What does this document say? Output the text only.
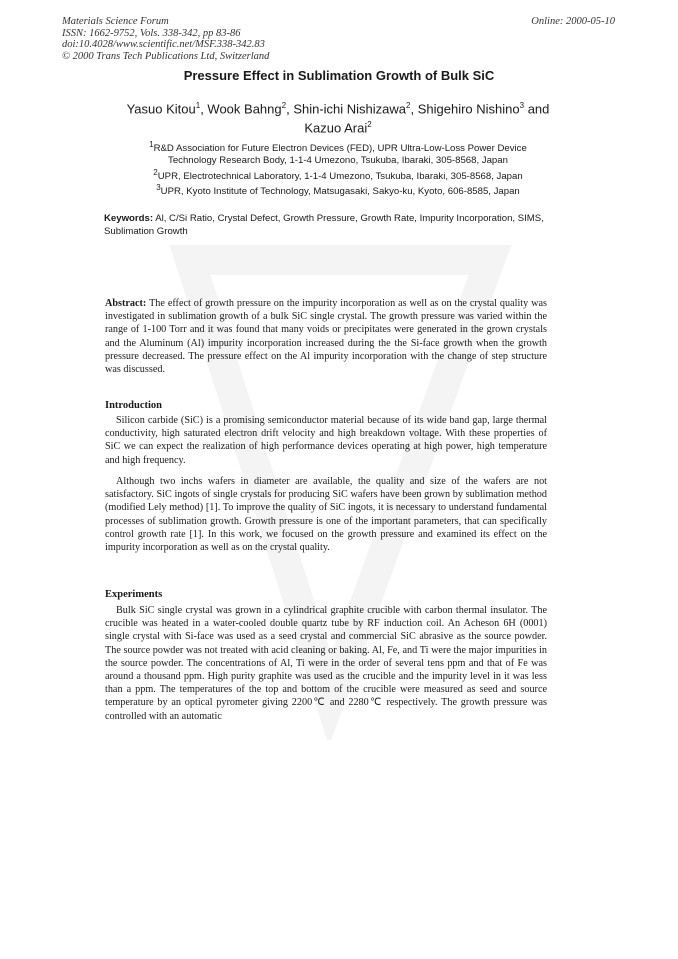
Materials Science Forum
ISSN: 1662-9752, Vols. 338-342, pp 83-86
doi:10.4028/www.scientific.net/MSF.338-342.83
© 2000 Trans Tech Publications Ltd, Switzerland
Online: 2000-05-10
Pressure Effect in Sublimation Growth of Bulk SiC
Yasuo Kitou$^1$, Wook Bahng$^2$, Shin-ichi Nishizawa$^2$, Shigehiro Nishino$^3$ and
Kazuo Arai$^2$
$^1$R&D Association for Future Electron Devices (FED), UPR Ultra-Low-Loss Power Device
Technology Research Body, 1-1-4 Umezono, Tsukuba, Ibaraki, 305-8568, Japan
$^2$UPR, Electrotechnical Laboratory, 1-1-4 Umezono, Tsukuba, Ibaraki, 305-8568, Japan
$^3$UPR, Kyoto Institute of Technology, Matsugasaki, Sakyo-ku, Kyoto, 606-8585, Japan
Keywords: Al, C/Si Ratio, Crystal Defect, Growth Pressure, Growth Rate, Impurity Incorporation, SIMS, Sublimation Growth
Abstract: The effect of growth pressure on the impurity incorporation as well as on the crystal quality was investigated in sublimation growth of a bulk SiC single crystal. The growth pressure was varied within the range of 1-100 Torr and it was found that many voids or precipitates were generated in the grown crystals and the Aluminum (Al) impurity incorporation increased during the the Si-face growth when the growth pressure decreased. The pressure effect on the Al impurity incorporation with the change of step structure was discussed.
Introduction
Silicon carbide (SiC) is a promising semiconductor material because of its wide band gap, large thermal conductivity, high saturated electron drift velocity and high breakdown voltage. With these properties of SiC we can expect the realization of high performance devices operating at high power, high temperature and high frequency.
Although two inchs wafers in diameter are available, the quality and size of the wafers are not satisfactory. SiC ingots of single crystals for producing SiC wafers have been grown by sublimation method (modified Lely method) [1]. To improve the quality of SiC ingots, it is necessary to understand fundamental processes of sublimation growth. Growth pressure is one of the important parameters, that can specifically control growth rate [1]. In this work, we focused on the growth pressure and examined its effect on the impurity incorporation as well as on the crystal quality.
Experiments
Bulk SiC single crystal was grown in a cylindrical graphite crucible with carbon thermal insulator. The crucible was heated in a water-cooled double quartz tube by RF induction coil. An Acheson 6H (0001) single crystal with Si-face was used as a seed crystal and commercial SiC abrasive as the source powder. The source powder was not treated with acid cleaning or baking. Al, Fe, and Ti were the major impurities in the source powder. The concentrations of Al, Ti were in the order of several tens ppm and that of Fe was around a thousand ppm. High purity graphite was used as the crucible and the impurity level in it was less than a ppm. The temperatures of the top and bottom of the crucible were measured as seed and source temperature by an optical pyrometer giving 2200℃ and 2280℃ respectively. The growth pressure was controlled with an automatic
